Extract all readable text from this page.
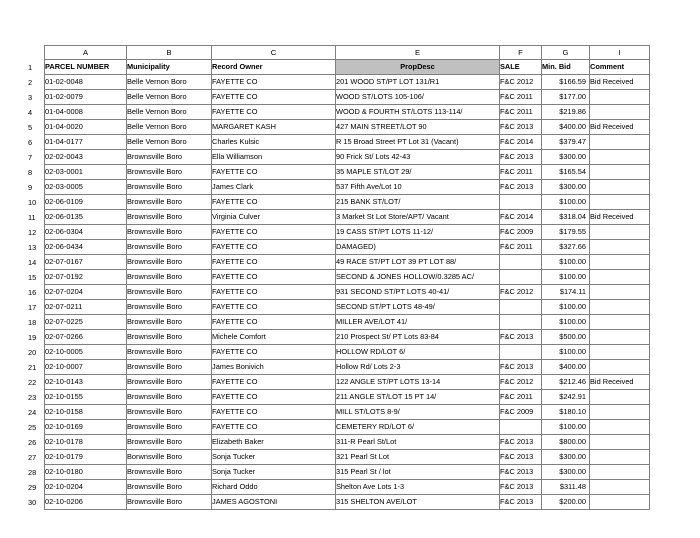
	A	B	C	E	F	G	I
1	PARCEL NUMBER	Municipality	Record Owner	PropDesc	SALE	Min. Bid	Comment
2	01-02-0048	Belle Vernon Boro	FAYETTE CO	201 WOOD ST/PT LOT 131/R1	F&C 2012	$166.59	Bid Received
3	01-02-0079	Belle Vernon Boro	FAYETTE CO	WOOD ST/LOTS 105-106/	F&C 2011	$177.00	
4	01-04-0008	Belle Vernon Boro	FAYETTE CO	WOOD & FOURTH ST/LOTS 113-114/	F&C 2011	$219.86	
5	01-04-0020	Belle Vernon Boro	MARGARET KASH	427 MAIN STREET/LOT 90	F&C 2013	$400.00	Bid Received
6	01-04-0177	Belle Vernon Boro	Charles Kulsic	R 15 Broad Street PT Lot 31 (Vacant)	F&C 2014	$379.47	
7	02-02-0043	Brownsville Boro	Ella Williamson	90 Frick St/ Lots 42-43	F&C 2013	$300.00	
8	02-03-0001	Brownsville Boro	FAYETTE CO	35 MAPLE ST/LOT 29/	F&C 2011	$165.54	
9	02-03-0005	Brownsville Boro	James Clark	537 Fifth Ave/Lot 10	F&C 2013	$300.00	
10	02-06-0109	Brownsville Boro	FAYETTE CO	215 BANK ST/LOT/		$100.00	
11	02-06-0135	Brownsville Boro	Virginia Culver	3 Market St Lot Store/APT/ Vacant	F&C 2014	$318.04	Bid Received
12	02-06-0304	Brownsville Boro	FAYETTE CO	19 CASS ST/PT LOTS 11-12/	F&C 2009	$179.55	
13	02-06-0434	Brownsville Boro	FAYETTE CO	DAMAGED)	F&C 2011	$327.66	
14	02-07-0167	Brownsville Boro	FAYETTE CO	49 RACE ST/PT LOT 39 PT LOT 88/		$100.00	
15	02-07-0192	Brownsville Boro	FAYETTE CO	SECOND & JONES HOLLOW/0.3285 AC/		$100.00	
16	02-07-0204	Brownsville Boro	FAYETTE CO	931 SECOND ST/PT LOTS 40-41/	F&C 2012	$174.11	
17	02-07-0211	Brownsville Boro	FAYETTE CO	SECOND ST/PT LOTS 48-49/		$100.00	
18	02-07-0225	Brownsville Boro	FAYETTE CO	MILLER AVE/LOT 41/		$100.00	
19	02-07-0266	Brownsville Boro	Michele Comfort	210 Prospect St/ PT Lots 83-84	F&C 2013	$500.00	
20	02-10-0005	Brownsville Boro	FAYETTE CO	HOLLOW RD/LOT 6/		$100.00	
21	02-10-0007	Brownsville Boro	James Bonivich	Hollow Rd/ Lots 2-3	F&C 2013	$400.00	
22	02-10-0143	Brownsville Boro	FAYETTE CO	122 ANGLE ST/PT LOTS 13-14	F&C 2012	$212.46	Bid Received
23	02-10-0155	Brownsville Boro	FAYETTE CO	211 ANGLE ST/LOT 15 PT 14/	F&C 2011	$242.91	
24	02-10-0158	Brownsville Boro	FAYETTE CO	MILL ST/LOTS 8-9/	F&C 2009	$180.10	
25	02-10-0169	Brownsville Boro	FAYETTE CO	CEMETERY RD/LOT 6/		$100.00	
26	02-10-0178	Brownsville Boro	Elizabeth Baker	311-R Pearl St/Lot	F&C 2013	$800.00	
27	02-10-0179	Borwnsville Boro	Sonja Tucker	321 Pearl St Lot	F&C 2013	$300.00	
28	02-10-0180	Brownsville Boro	Sonja Tucker	315 Pearl St / lot	F&C 2013	$300.00	
29	02-10-0204	Brownsville Boro	Richard Oddo	Shelton Ave Lots 1-3	F&C 2013	$311.48	
30	02-10-0206	Brownsville Boro	JAMES AGOSTONI	315 SHELTON AVE/LOT	F&C 2013	$200.00	
